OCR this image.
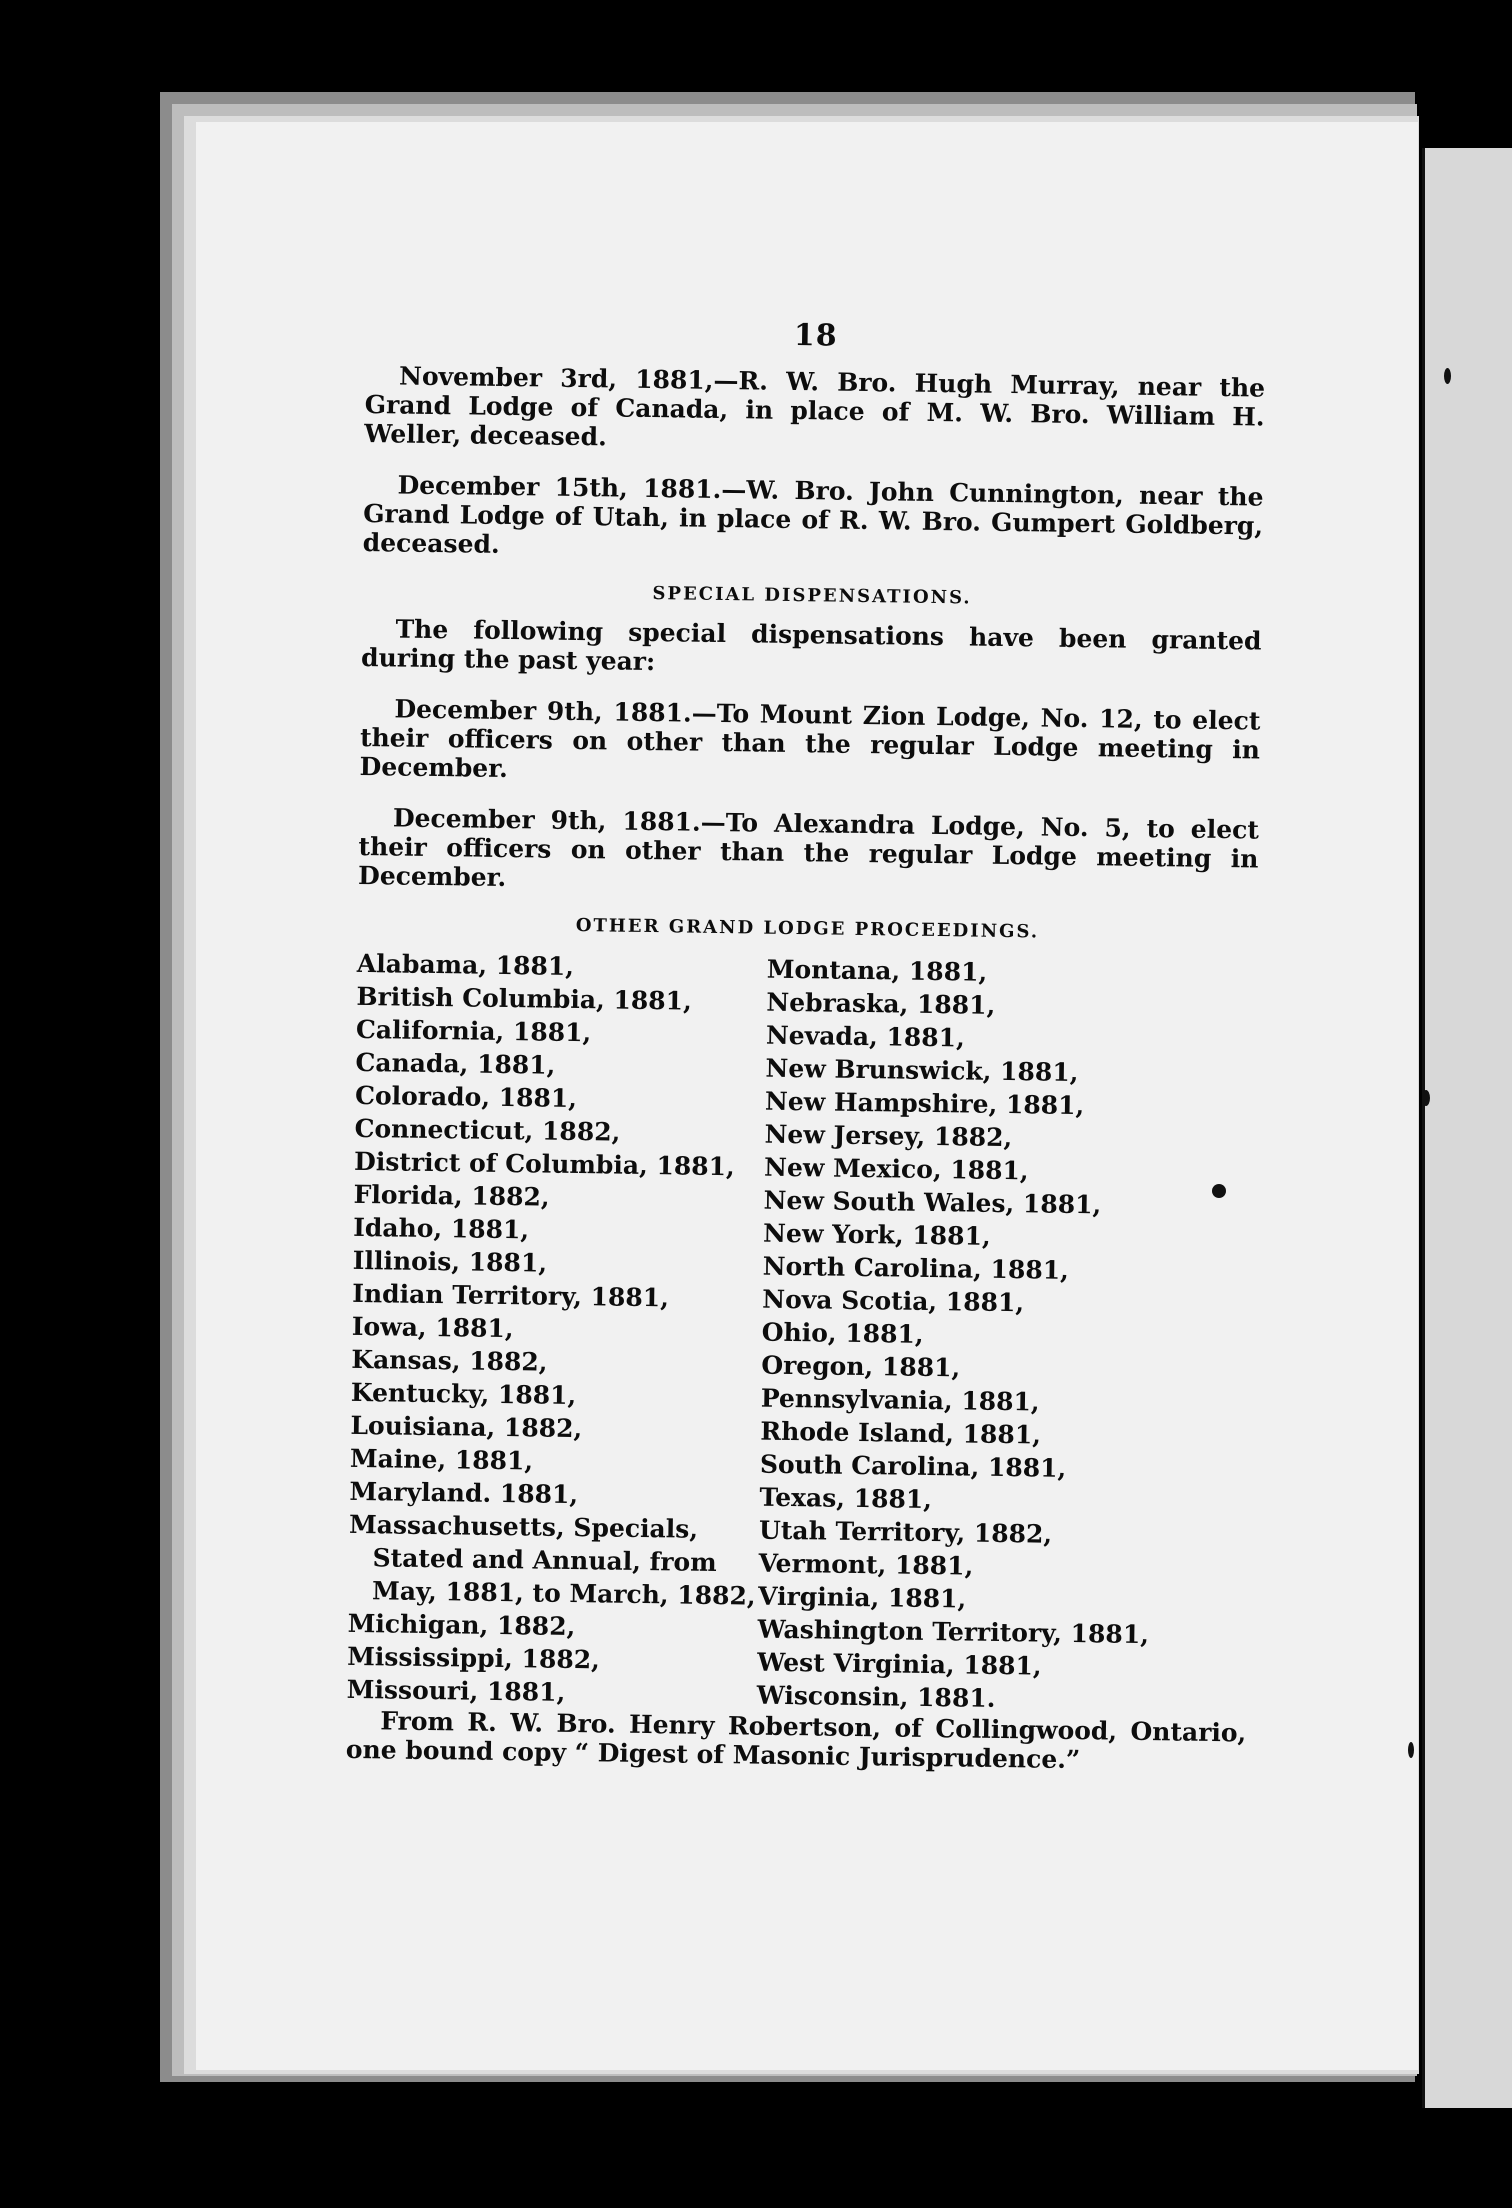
18

November 3rd, 1881,—R. W. Bro. Hugh Murray, near the Grand Lodge of Canada, in place of M. W. Bro. William H. Weller, deceased.

December 15th, 1881.—W. Bro. John Cunnington, near the Grand Lodge of Utah, in place of R. W. Bro. Gumpert Goldberg, deceased.

SPECIAL DISPENSATIONS.

The following special dispensations have been granted during the past year:

December 9th, 1881.—To Mount Zion Lodge, No. 12, to elect their officers on other than the regular Lodge meeting in December.

December 9th, 1881.—To Alexandra Lodge, No. 5, to elect their officers on other than the regular Lodge meeting in December.

OTHER GRAND LODGE PROCEEDINGS.
Alabama, 1881,
British Columbia, 1881,
California, 1881,
Canada, 1881,
Colorado, 1881,
Connecticut, 1882,
District of Columbia, 1881,
Florida, 1882,
Idaho, 1881,
Illinois, 1881,
Indian Territory, 1881,
Iowa, 1881,
Kansas, 1882,
Kentucky, 1881,
Louisiana, 1882,
Maine, 1881,
Maryland. 1881,
Massachusetts, Specials, Stated and Annual, from May, 1881, to March, 1882,
Michigan, 1882,
Mississippi, 1882,
Missouri, 1881,
Montana, 1881,
Nebraska, 1881,
Nevada, 1881,
New Brunswick, 1881,
New Hampshire, 1881,
New Jersey, 1882,
New Mexico, 1881,
New South Wales, 1881,
New York, 1881,
North Carolina, 1881,
Nova Scotia, 1881,
Ohio, 1881,
Oregon, 1881,
Pennsylvania, 1881,
Rhode Island, 1881,
South Carolina, 1881,
Texas, 1881,
Utah Territory, 1882,
Vermont, 1881,
Virginia, 1881,
Washington Territory, 1881,
West Virginia, 1881,
Wisconsin, 1881.

From R. W. Bro. Henry Robertson, of Collingwood, Ontario, one bound copy “ Digest of Masonic Jurisprudence.”
